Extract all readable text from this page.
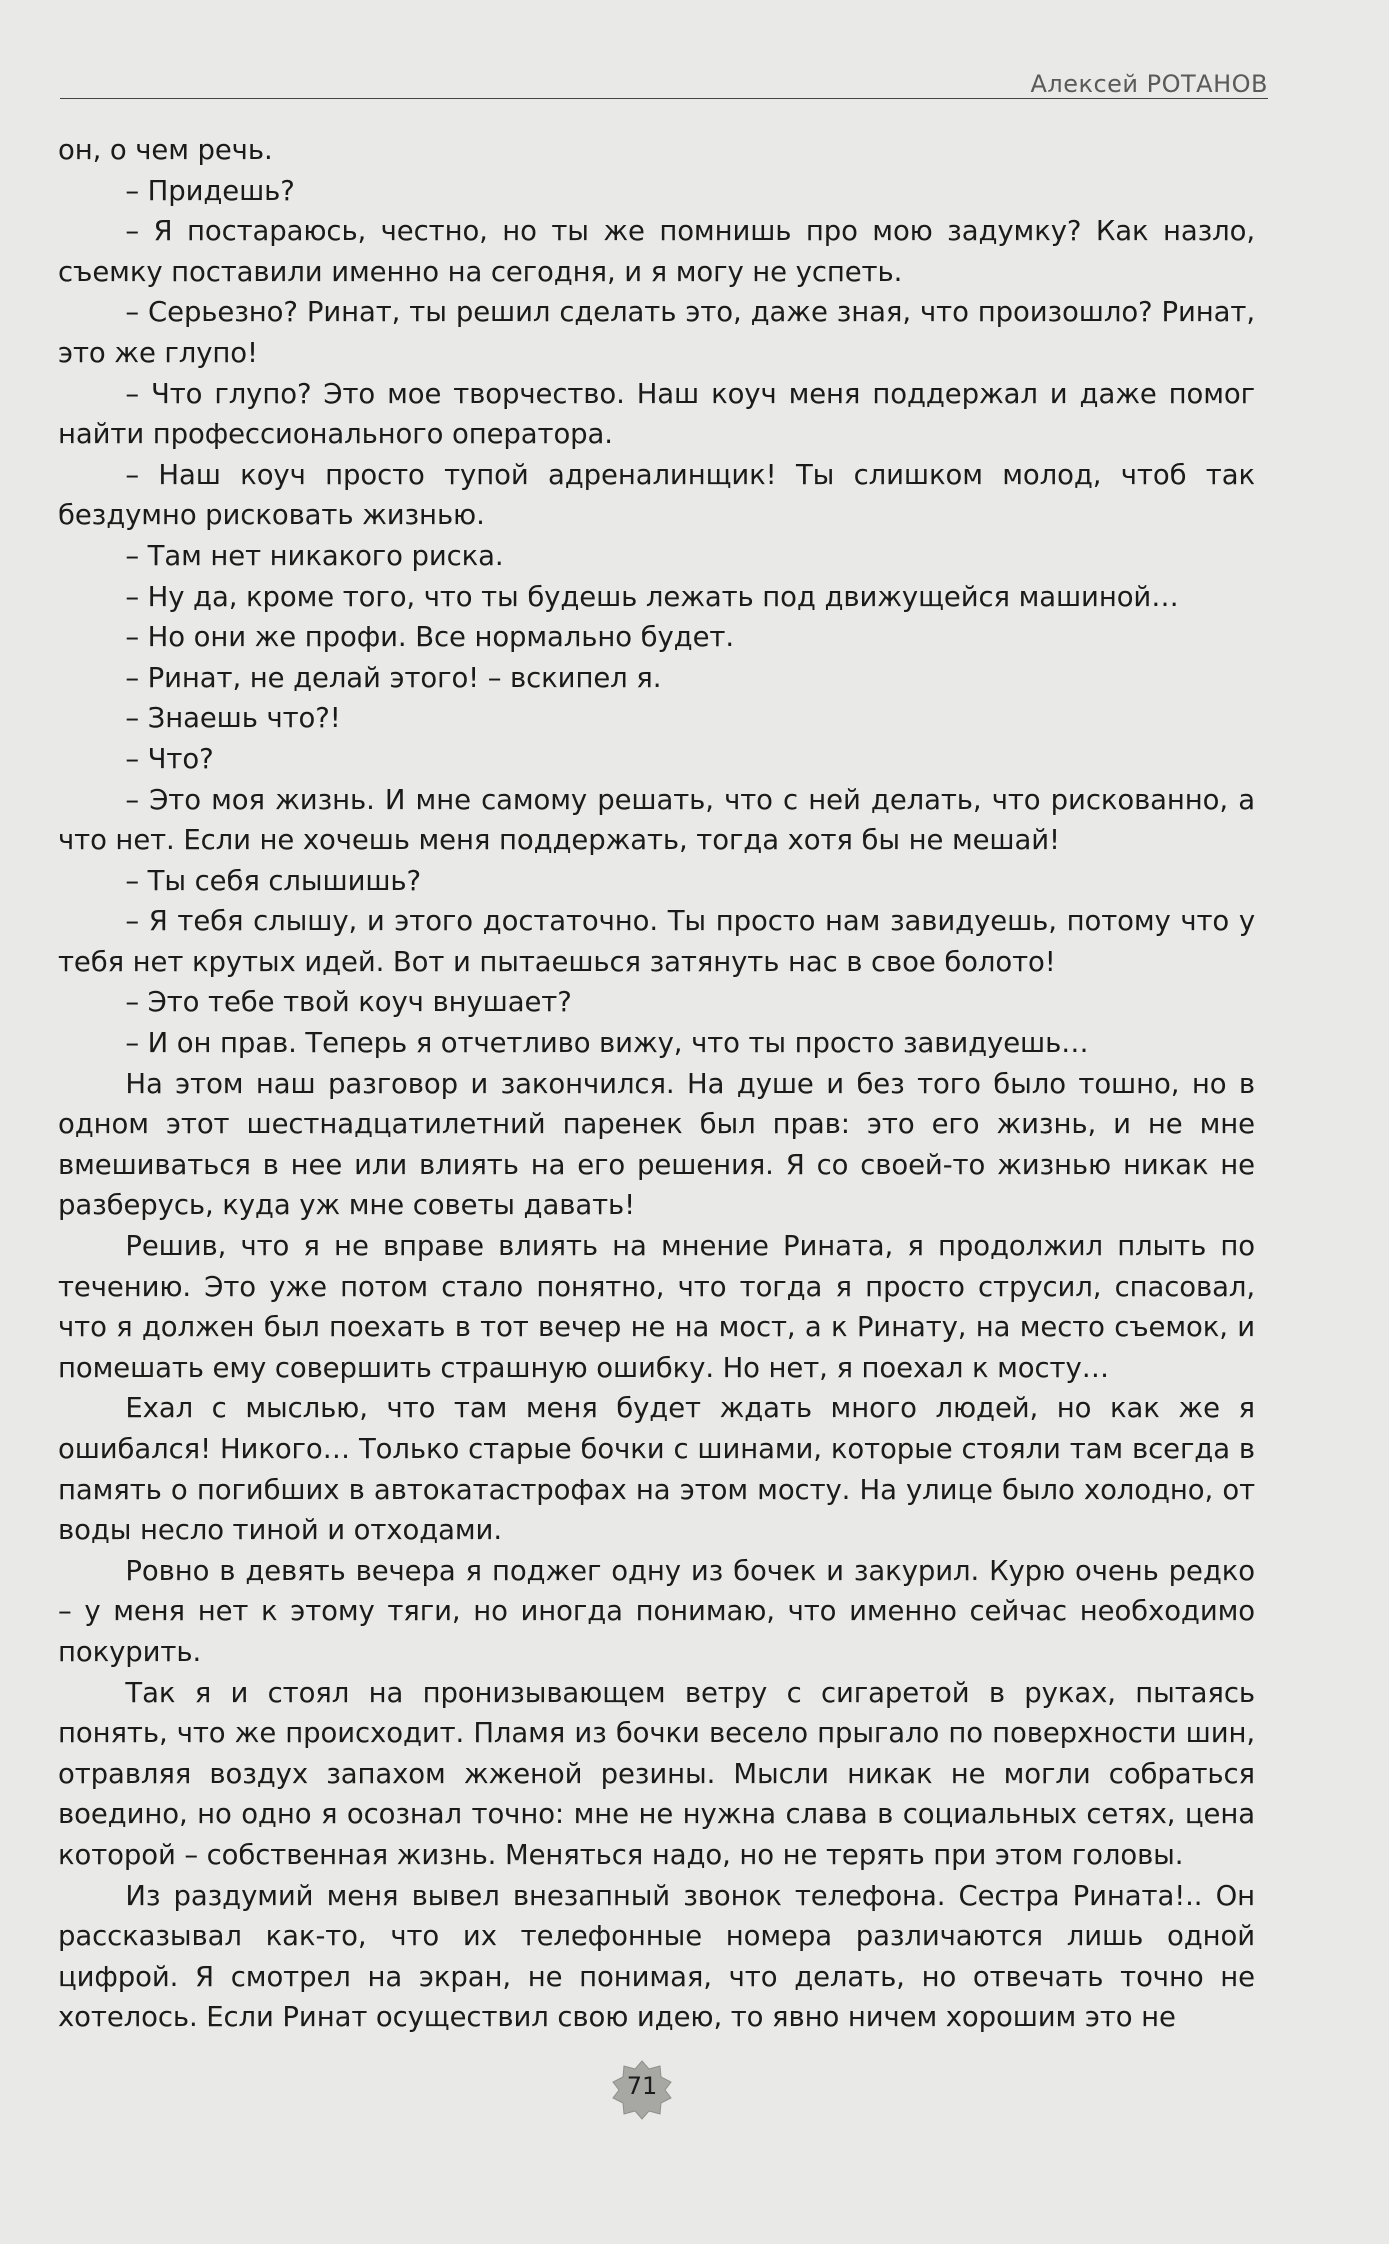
Алексей РОТАНОВ

он, о чем речь.

– Придешь?

– Я постараюсь, честно, но ты же помнишь про мою задумку? Как назло, съемку поставили именно на сегодня, и я могу не успеть.

– Серьезно? Ринат, ты решил сделать это, даже зная, что произошло? Ринат, это же глупо!

– Что глупо? Это мое творчество. Наш коуч меня поддержал и даже помог найти профессионального оператора.

– Наш коуч просто тупой адреналинщик! Ты слишком молод, чтоб так бездумно рисковать жизнью.

– Там нет никакого риска.

– Ну да, кроме того, что ты будешь лежать под движущейся машиной…

– Но они же профи. Все нормально будет.

– Ринат, не делай этого! – вскипел я.

– Знаешь что?!

– Что?

– Это моя жизнь. И мне самому решать, что с ней делать, что рискованно, а что нет. Если не хочешь меня поддержать, тогда хотя бы не мешай!

– Ты себя слышишь?

– Я тебя слышу, и этого достаточно. Ты просто нам завидуешь, потому что у тебя нет крутых идей. Вот и пытаешься затянуть нас в свое болото!

– Это тебе твой коуч внушает?

– И он прав. Теперь я отчетливо вижу, что ты просто завидуешь…

На этом наш разговор и закончился. На душе и без того было тошно, но в одном этот шестнадцатилетний паренек был прав: это его жизнь, и не мне вмешиваться в нее или влиять на его решения. Я со своей-то жизнью никак не разберусь, куда уж мне советы давать!

Решив, что я не вправе влиять на мнение Рината, я продолжил плыть по течению. Это уже потом стало понятно, что тогда я просто струсил, спасовал, что я должен был поехать в тот вечер не на мост, а к Ринату, на место съемок, и помешать ему совершить страшную ошибку. Но нет, я поехал к мосту…

Ехал с мыслью, что там меня будет ждать много людей, но как же я ошибался! Никого… Только старые бочки с шинами, которые стояли там всегда в память о погибших в автокатастрофах на этом мосту. На улице было холодно, от воды несло тиной и отходами.

Ровно в девять вечера я поджег одну из бочек и закурил. Курю очень редко – у меня нет к этому тяги, но иногда понимаю, что именно сейчас необходимо покурить.

Так я и стоял на пронизывающем ветру с сигаретой в руках, пытаясь понять, что же происходит. Пламя из бочки весело прыгало по поверхности шин, отравляя воздух запахом жженой резины. Мысли никак не могли собраться воедино, но одно я осознал точно: мне не нужна слава в социальных сетях, цена которой – собственная жизнь. Меняться надо, но не терять при этом головы.

Из раздумий меня вывел внезапный звонок телефона. Сестра Рината!.. Он рассказывал как-то, что их телефонные номера различаются лишь одной цифрой. Я смотрел на экран, не понимая, что делать, но отвечать точно не хотелось. Если Ринат осуществил свою идею, то явно ничем хорошим это не

71
